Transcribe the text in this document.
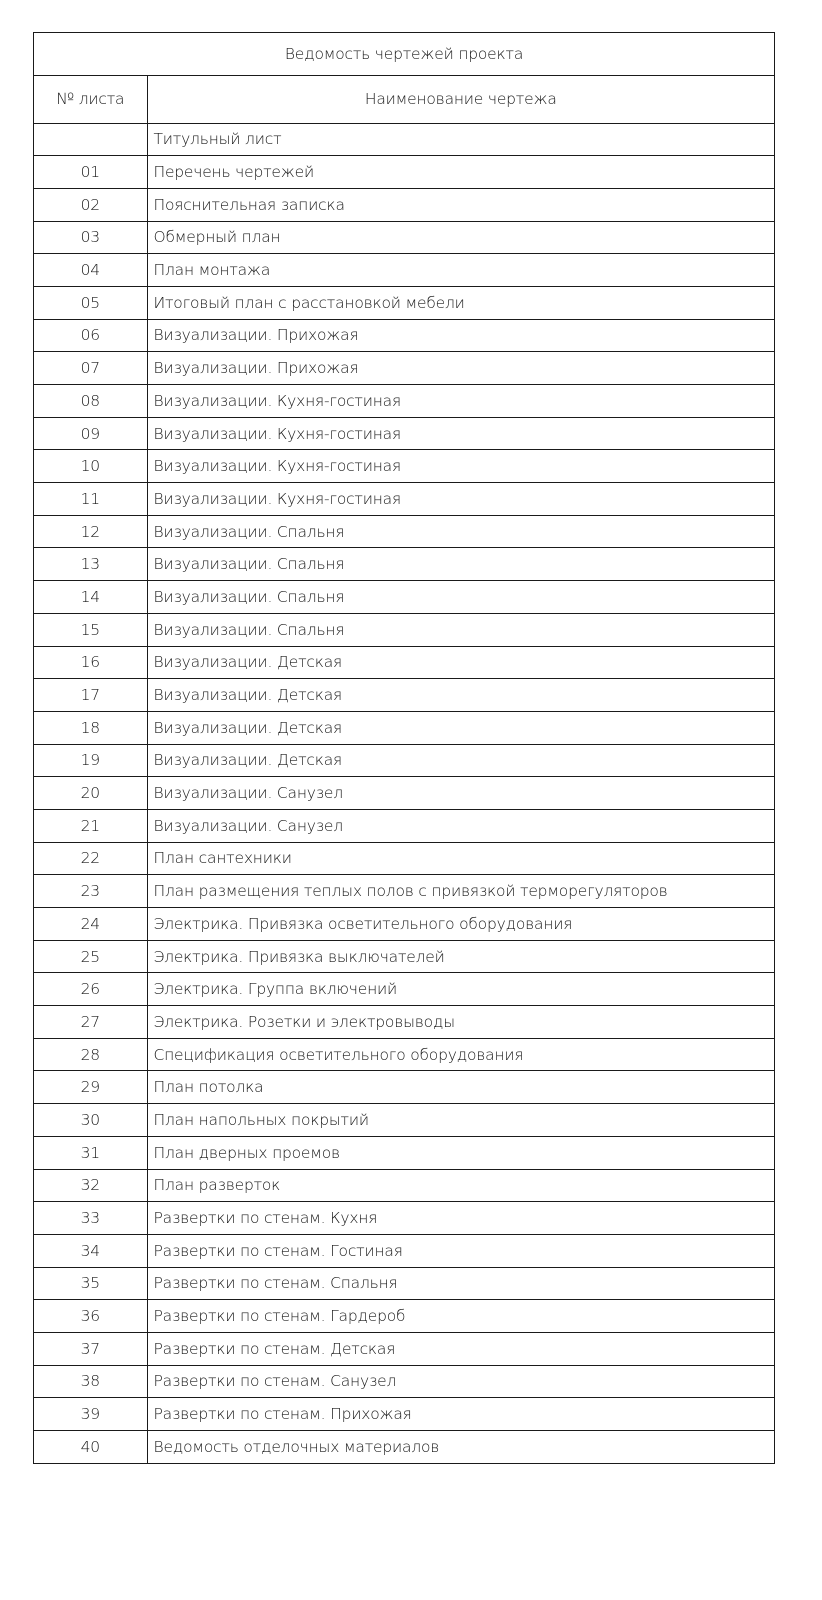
Ведомость чертежей проекта	
№ листа	Наименование чертежа
	Титульный лист
01	Перечень чертежей
02	Пояснительная записка
03	Обмерный план
04	План монтажа
05	Итоговый план с расстановкой мебели
06	Визуализации. Прихожая
07	Визуализации. Прихожая
08	Визуализации. Кухня-гостиная
09	Визуализации. Кухня-гостиная
10	Визуализации. Кухня-гостиная
11	Визуализации. Кухня-гостиная
12	Визуализации. Спальня
13	Визуализации. Спальня
14	Визуализации. Спальня
15	Визуализации. Спальня
16	Визуализации. Детская
17	Визуализации. Детская
18	Визуализации. Детская
19	Визуализации. Детская
20	Визуализации. Санузел
21	Визуализации. Санузел
22	План сантехники
23	План размещения теплых полов с привязкой терморегуляторов
24	Электрика. Привязка осветительного оборудования
25	Электрика. Привязка выключателей
26	Электрика. Группа включений
27	Электрика. Розетки и электровыводы
28	Спецификация осветительного оборудования
29	План потолка
30	План напольных покрытий
31	План дверных проемов
32	План разверток
33	Развертки по стенам. Кухня
34	Развертки по стенам. Гостиная
35	Развертки по стенам. Спальня
36	Развертки по стенам. Гардероб
37	Развертки по стенам. Детская
38	Развертки по стенам. Санузел
39	Развертки по стенам. Прихожая
40	Ведомость отделочных материалов
